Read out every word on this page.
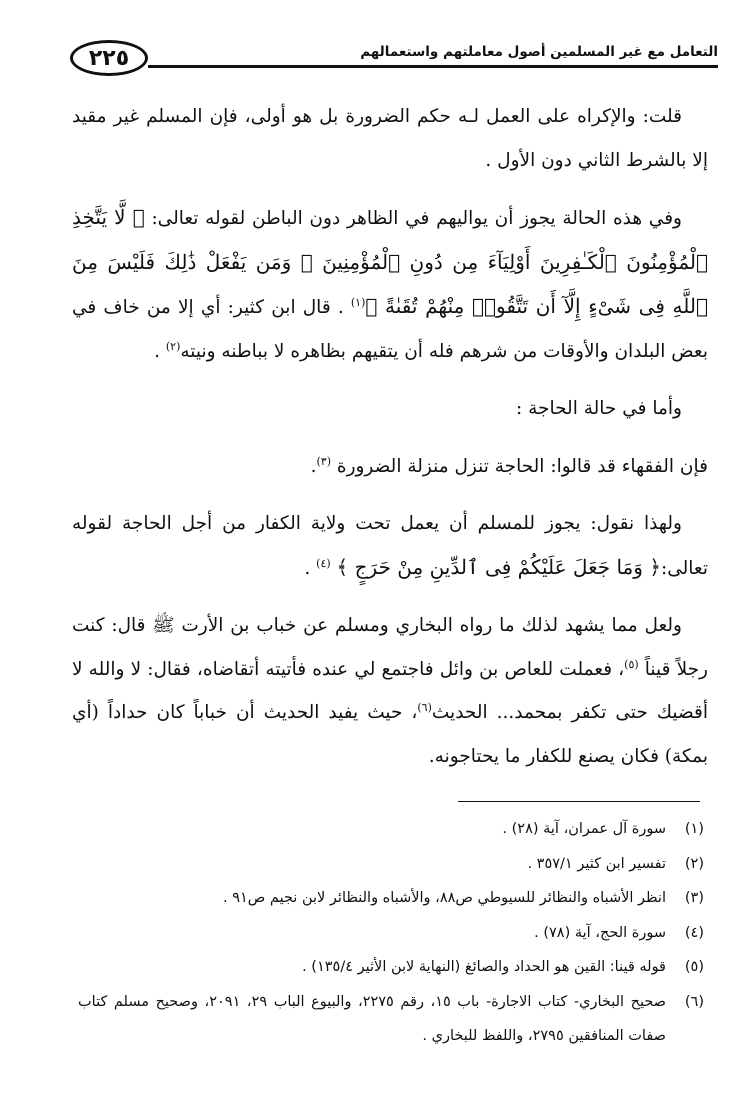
٢٢٥	التعامل مع غير المسلمين أصول معاملتهم واستعمالهم

قلت: والإكراه على العمل لـه حكم الضرورة بل هو أولى، فإن المسلم غير مقيد إلا بالشرط الثاني دون الأول .

وفي هذه الحالة يجوز أن يواليهم في الظاهر دون الباطن لقوله تعالى: ﴿ لَّا يَتَّخِذِ ٱلْمُؤْمِنُونَ ٱلْكَـٰفِرِينَ أَوْلِيَآءَ مِن دُونِ ٱلْمُؤْمِنِينَ ۖ وَمَن يَفْعَلْ ذَٰلِكَ فَلَيْسَ مِنَ ٱللَّهِ فِى شَىْءٍ إِلَّآ أَن تَتَّقُوا۟ مِنْهُمْ تُقَىٰةً ﴾$^{(١)}$ . قال ابن كثير: أي إلا من خاف في بعض البلدان والأوقات من شرهم فله أن يتقيهم بظاهره لا بباطنه ونيته$^{(٢)}$ .

وأما في حالة الحاجة :

فإن الفقهاء قد قالوا: الحاجة تنزل منزلة الضرورة $^{(٣)}$.

ولهذا نقول: يجوز للمسلم أن يعمل تحت ولاية الكفار من أجل الحاجة لقوله تعالى:﴿ وَمَا جَعَلَ عَلَيْكُمْ فِى ٱلدِّينِ مِنْ حَرَجٍ ﴾ $^{(٤)}$ .

ولعل مما يشهد لذلك ما رواه البخاري ومسلم عن خباب بن الأرت ﷺ قال: كنت رجلاً قيناً $^{(٥)}$، فعملت للعاص بن وائل فاجتمع لي عنده فأتيته أتقاضاه، فقال: لا والله لا أقضيك حتى تكفر بمحمد... الحديث$^{(٦)}$، حيث يفيد الحديث أن خباباً كان حداداً (أي بمكة) فكان يصنع للكفار ما يحتاجونه.

(١)
سورة آل عمران، آية (٢٨) .
(٢)
تفسير ابن كثير ٣٥٧/١ .
(٣)
انظر الأشباه والنظائر للسيوطي ص٨٨، والأشباه والنظائر لابن نجيم ص٩١ .
(٤)
سورة الحج، آية (٧٨) .
(٥)
قوله قينا: القين هو الحداد والصائغ (النهاية لابن الأثير ١٣٥/٤) .
(٦)
صحيح البخاري- كتاب الاجارة- باب ١٥، رقم ٢٢٧٥، والبيوع الباب ٢٩، ٢٠٩١، وصحيح مسلم كتاب صفات المنافقين ٢٧٩٥، واللفظ للبخاري .
